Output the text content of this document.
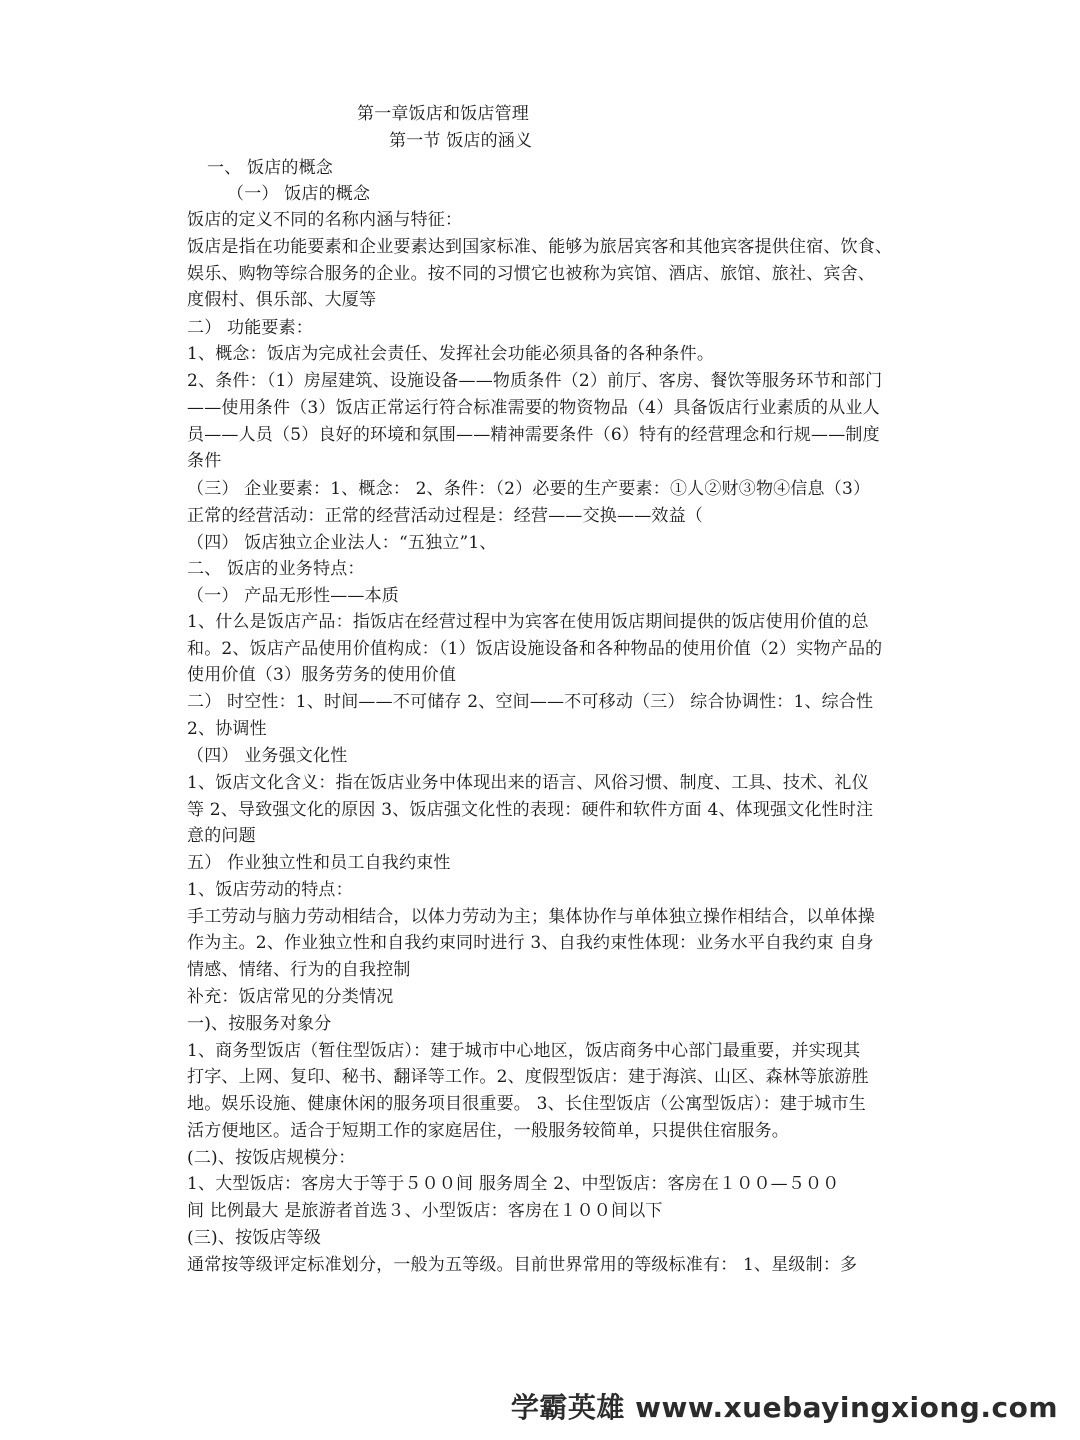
第一章饭店和饭店管理
第一节 饭店的涵义
一、 饭店的概念
（一） 饭店的概念
饭店的定义不同的名称内涵与特征：
饭店是指在功能要素和企业要素达到国家标准、能够为旅居宾客和其他宾客提供住宿、饮食、
娱乐、购物等综合服务的企业。按不同的习惯它也被称为宾馆、酒店、旅馆、旅社、宾舍、
度假村、俱乐部、大厦等
二） 功能要素：
1、概念：饭店为完成社会责任、发挥社会功能必须具备的各种条件。
2、条件：（1）房屋建筑、设施设备——物质条件（2）前厅、客房、餐饮等服务环节和部门
——使用条件（3）饭店正常运行符合标准需要的物资物品（4）具备饭店行业素质的从业人
员——人员（5）良好的环境和氛围——精神需要条件（6）特有的经营理念和行规——制度
条件
（三） 企业要素：1、概念： 2、条件：（2）必要的生产要素：①人②财③物④信息（3）
正常的经营活动：正常的经营活动过程是：经营——交换——效益（
（四） 饭店独立企业法人：“五独立”1、
二、 饭店的业务特点：
（一） 产品无形性——本质
1、什么是饭店产品：指饭店在经营过程中为宾客在使用饭店期间提供的饭店使用价值的总
和。2、饭店产品使用价值构成：（1）饭店设施设备和各种物品的使用价值（2）实物产品的
使用价值（3）服务劳务的使用价值
二） 时空性：1、时间——不可储存 2、空间——不可移动（三） 综合协调性：1、综合性
2、协调性
（四） 业务强文化性
1、饭店文化含义：指在饭店业务中体现出来的语言、风俗习惯、制度、工具、技术、礼仪
等 2、导致强文化的原因 3、饭店强文化性的表现：硬件和软件方面 4、体现强文化性时注
意的问题
五） 作业独立性和员工自我约束性
1、饭店劳动的特点：
手工劳动与脑力劳动相结合，以体力劳动为主；集体协作与单体独立操作相结合，以单体操
作为主。2、作业独立性和自我约束同时进行 3、自我约束性体现：业务水平自我约束 自身
情感、情绪、行为的自我控制
补充：饭店常见的分类情况
一)、按服务对象分
1、商务型饭店（暂住型饭店）：建于城市中心地区，饭店商务中心部门最重要，并实现其
打字、上网、复印、秘书、翻译等工作。2、度假型饭店：建于海滨、山区、森林等旅游胜
地。娱乐设施、健康休闲的服务项目很重要。 3、长住型饭店（公寓型饭店）：建于城市生
活方便地区。适合于短期工作的家庭居住，一般服务较简单，只提供住宿服务。
(二)、按饭店规模分：
1、大型饭店：客房大于等于５００间 服务周全 2、中型饭店：客房在１００—５００
间 比例最大 是旅游者首选３、小型饭店：客房在１００间以下
(三)、按饭店等级
通常按等级评定标准划分，一般为五等级。目前世界常用的等级标准有： 1、星级制：多
学霸英雄 www.xuebayingxiong.com
